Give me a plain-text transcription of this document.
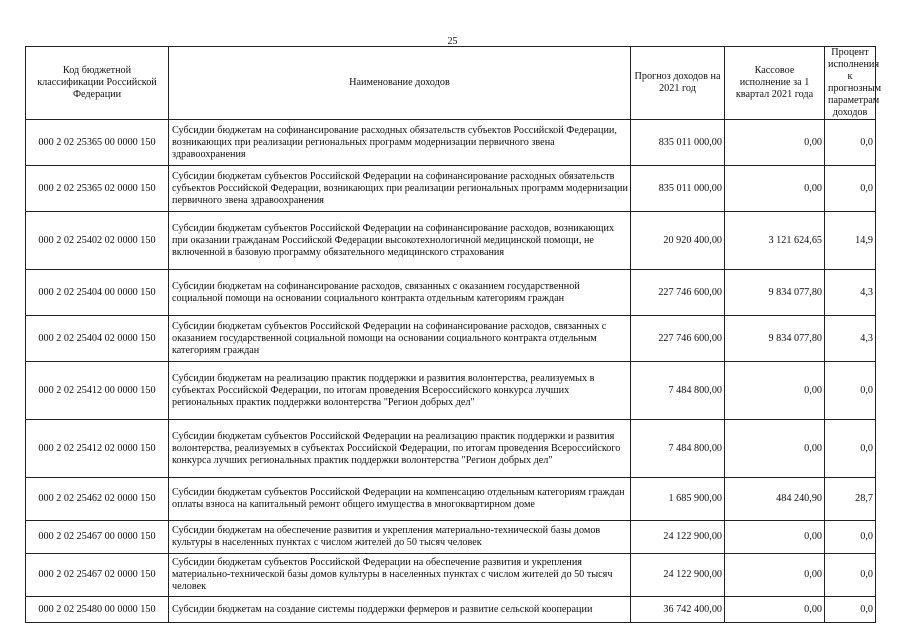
25
Код бюджетной классификации Российской Федерации	Наименование доходов	Прогноз доходов на 2021 год	Кассовое исполнение за 1 квартал 2021 года	Процент исполнения к прогнозным параметрам доходов
000 2 02 25365 00 0000 150	Субсидии бюджетам на софинансирование расходных обязательств субъектов Российской Федерации, возникающих при реализации региональных программ модернизации первичного звена здравоохранения	835 011 000,00	0,00	0,0
000 2 02 25365 02 0000 150	Субсидии бюджетам субъектов Российской Федерации на софинансирование расходных обязательств субъектов Российской Федерации, возникающих при реализации региональных программ модернизации первичного звена здравоохранения	835 011 000,00	0,00	0,0
000 2 02 25402 02 0000 150	Субсидии бюджетам субъектов Российской Федерации на софинансирование расходов, возникающих при оказании гражданам Российской Федерации высокотехнологичной медицинской помощи, не включенной в базовую программу обязательного медицинского страхования	20 920 400,00	3 121 624,65	14,9
000 2 02 25404 00 0000 150	Субсидии бюджетам на софинансирование расходов, связанных с оказанием государственной социальной помощи на основании социального контракта отдельным категориям граждан	227 746 600,00	9 834 077,80	4,3
000 2 02 25404 02 0000 150	Субсидии бюджетам субъектов Российской Федерации на софинансирование расходов, связанных с оказанием государственной социальной помощи на основании социального контракта отдельным категориям граждан	227 746 600,00	9 834 077,80	4,3
000 2 02 25412 00 0000 150	Субсидии бюджетам на реализацию практик поддержки и развития волонтерства, реализуемых в субъектах Российской Федерации, по итогам проведения Всероссийского конкурса лучших региональных практик поддержки волонтерства "Регион добрых дел"	7 484 800,00	0,00	0,0
000 2 02 25412 02 0000 150	Субсидии бюджетам субъектов Российской Федерации на реализацию практик поддержки и развития волонтерства, реализуемых в субъектах Российской Федерации, по итогам проведения Всероссийского конкурса лучших региональных практик поддержки волонтерства "Регион добрых дел"	7 484 800,00	0,00	0,0
000 2 02 25462 02 0000 150	Субсидии бюджетам субъектов Российской Федерации на компенсацию отдельным категориям граждан оплаты взноса на капитальный ремонт общего имущества в многоквартирном доме	1 685 900,00	484 240,90	28,7
000 2 02 25467 00 0000 150	Субсидии бюджетам на обеспечение развития и укрепления материально-технической базы домов культуры в населенных пунктах с числом жителей до 50 тысяч человек	24 122 900,00	0,00	0,0
000 2 02 25467 02 0000 150	Субсидии бюджетам субъектов Российской Федерации на обеспечение развития и укрепления материально-технической базы домов культуры в населенных пунктах с числом жителей до 50 тысяч человек	24 122 900,00	0,00	0,0
000 2 02 25480 00 0000 150	Субсидии бюджетам на создание системы поддержки фермеров и развитие сельской кооперации	36 742 400,00	0,00	0,0
